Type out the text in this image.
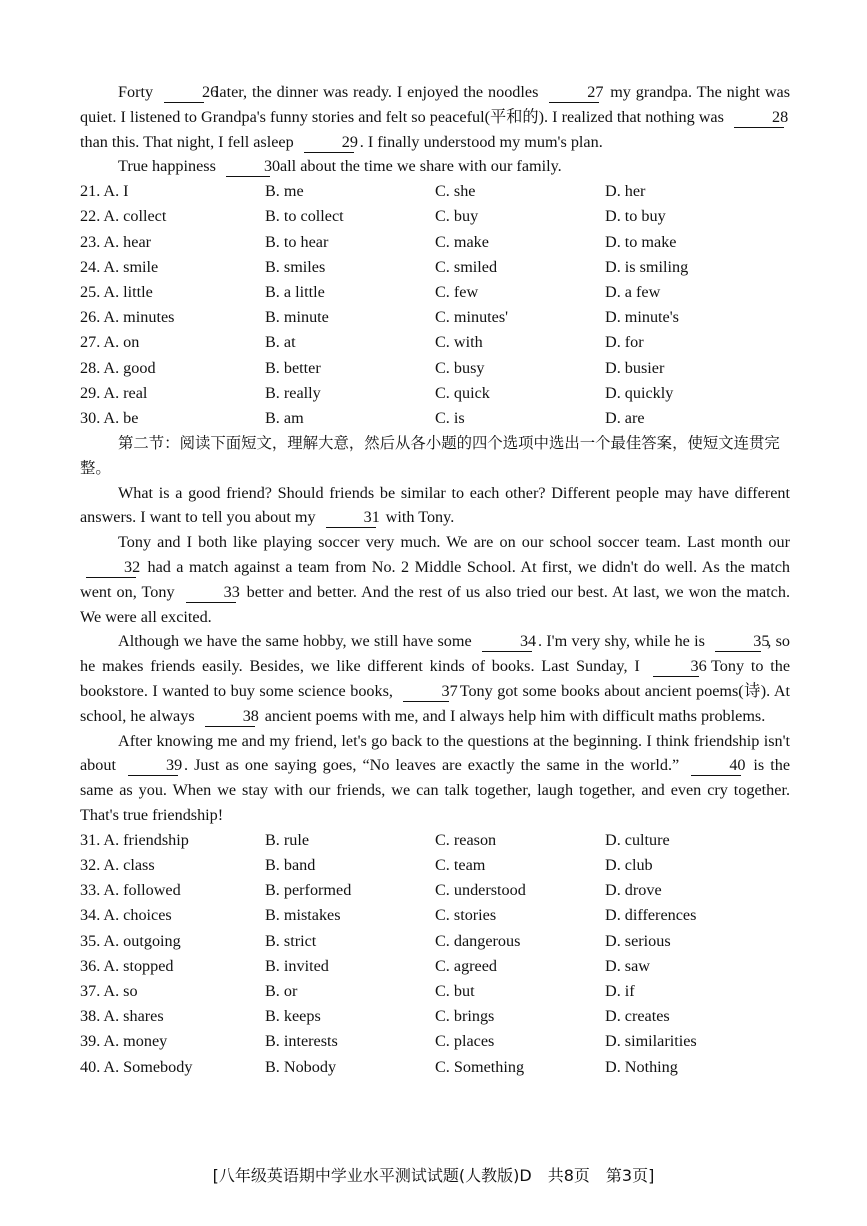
Forty	26 later, the dinner was ready. I enjoyed the noodles	27 my grandpa. The night was quiet. I listened to Grandpa's funny stories and felt so peaceful(平和的). I realized that nothing was	28 than this. That night, I fell asleep	29 . I finally understood my mum's plan.

True happiness	30 all about the time we share with our family.

21. A. I	B. me	C. she	D. her
22. A. collect	B. to collect	C. buy	D. to buy
23. A. hear	B. to hear	C. make	D. to make
24. A. smile	B. smiles	C. smiled	D. is smiling
25. A. little	B. a little	C. few	D. a few
26. A. minutes	B. minute	C. minutes'	D. minute's
27. A. on	B. at	C. with	D. for
28. A. good	B. better	C. busy	D. busier
29. A. real	B. really	C. quick	D. quickly
30. A. be	B. am	C. is	D. are

第二节：阅读下面短文，理解大意，然后从各小题的四个选项中选出一个最佳答案，使短文连贯完整。

What is a good friend? Should friends be similar to each other? Different people may have different answers. I want to tell you about my	31 with Tony.

Tony and I both like playing soccer very much. We are on our school soccer team. Last month our 32 had a match against a team from No. 2 Middle School. At first, we didn't do well. As the match went on, Tony	33 better and better. And the rest of us also tried our best. At last, we won the match. We were all excited.

Although we have the same hobby, we still have some	34 . I'm very shy, while he is	35, so he makes friends easily. Besides, we like different kinds of books. Last Sunday, I	36 Tony to the bookstore. I wanted to buy some science books,	37 Tony got some books about ancient poems(诗). At school, he always	38 ancient poems with me, and I always help him with difficult maths problems.

After knowing me and my friend, let's go back to the questions at the beginning. I think friendship isn't about	39 . Just as one saying goes, “No leaves are exactly the same in the world.”	40 is the same as you. When we stay with our friends, we can talk together, laugh together, and even cry together. That's true friendship!

31. A. friendship	B. rule	C. reason	D. culture
32. A. class	B. band	C. team	D. club
33. A. followed	B. performed	C. understood	D. drove
34. A. choices	B. mistakes	C. stories	D. differences
35. A. outgoing	B. strict	C. dangerous	D. serious
36. A. stopped	B. invited	C. agreed	D. saw
37. A. so	B. or	C. but	D. if
38. A. shares	B. keeps	C. brings	D. creates
39. A. money	B. interests	C. places	D. similarities
40. A. Somebody	B. Nobody	C. Something	D. Nothing
[八年级英语期中学业水平测试试题(人教版)D　共8页　第3页]
